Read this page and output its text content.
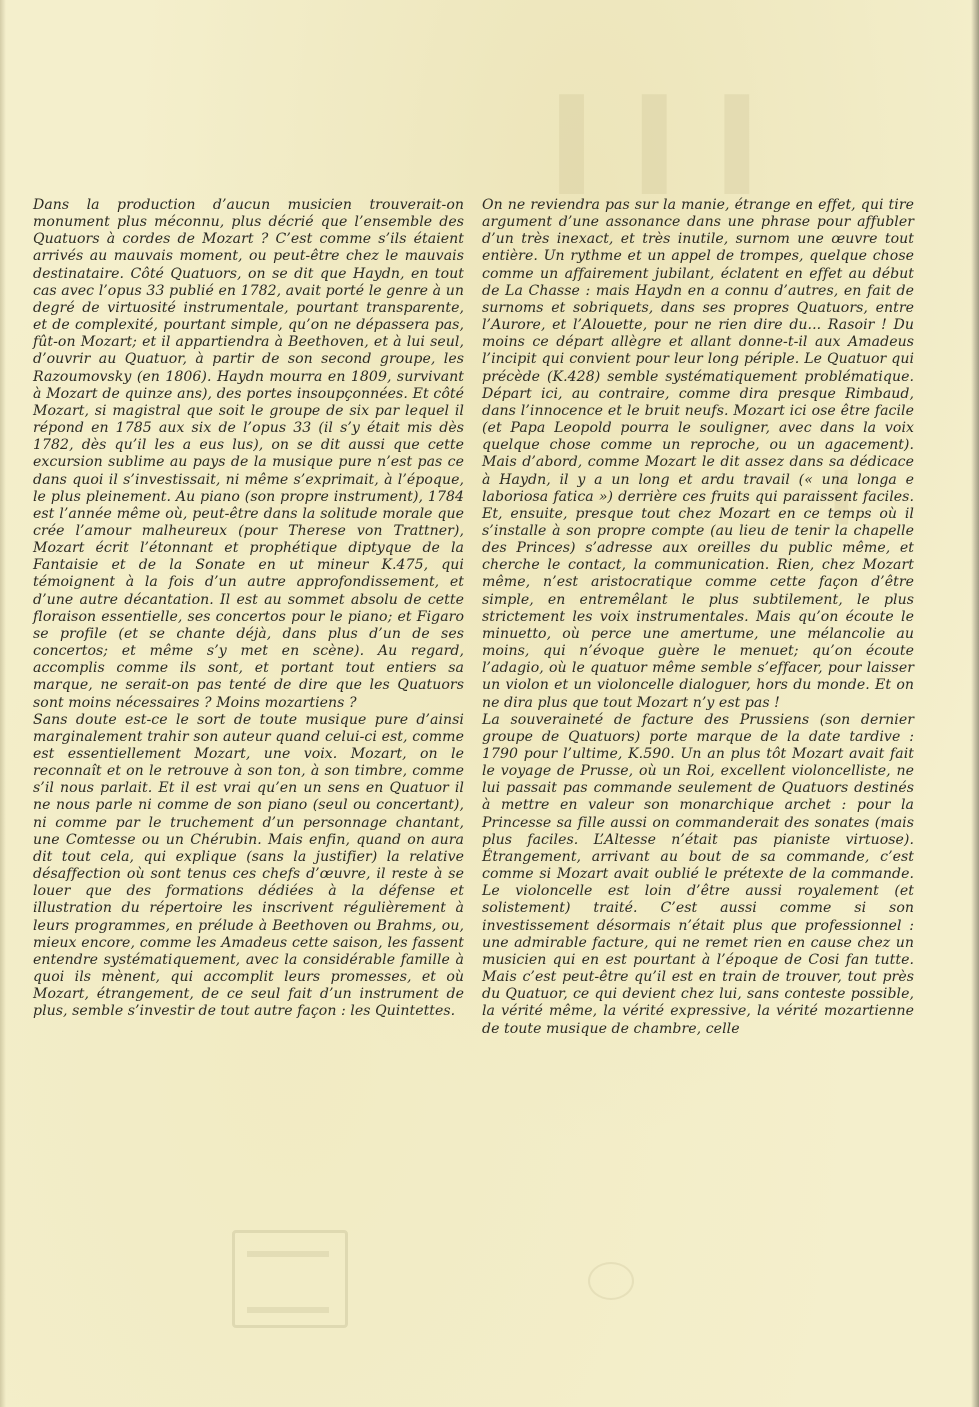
▍▍▍
▍

Dans la production d’aucun musicien trouverait-on monument plus méconnu, plus décrié que l’ensemble des Quatuors à cordes de Mozart ? C’est comme s’ils étaient arrivés au mauvais moment, ou peut-être chez le mauvais destinataire. Côté Quatuors, on se dit que Haydn, en tout cas avec l’opus 33 publié en 1782, avait porté le genre à un degré de virtuosité instrumentale, pourtant transparente, et de complexité, pourtant simple, qu’on ne dépassera pas, fût-on Mozart; et il appartiendra à Beethoven, et à lui seul, d’ouvrir au Quatuor, à partir de son second groupe, les Razoumovsky (en 1806). Haydn mourra en 1809, survivant à Mozart de quinze ans), des portes insoupçonnées. Et côté Mozart, si magistral que soit le groupe de six par lequel il répond en 1785 aux six de l’opus 33 (il s’y était mis dès 1782, dès qu’il les a eus lus), on se dit aussi que cette excursion sublime au pays de la musique pure n’est pas ce dans quoi il s’investissait, ni même s’exprimait, à l’époque, le plus pleinement. Au piano (son propre instrument), 1784 est l’année même où, peut-être dans la solitude morale que crée l’amour malheureux (pour Therese von Trattner), Mozart écrit l’étonnant et prophétique diptyque de la Fantaisie et de la Sonate en ut mineur K.475, qui témoignent à la fois d’un autre approfondissement, et d’une autre décantation. Il est au sommet absolu de cette floraison essentielle, ses concertos pour le piano; et Figaro se profile (et se chante déjà, dans plus d’un de ses concertos; et même s’y met en scène). Au regard, accomplis comme ils sont, et portant tout entiers sa marque, ne serait-on pas tenté de dire que les Quatuors sont moins nécessaires ? Moins mozartiens ?

Sans doute est-ce le sort de toute musique pure d’ainsi marginalement trahir son auteur quand celui-ci est, comme est essentiellement Mozart, une voix. Mozart, on le reconnaît et on le retrouve à son ton, à son timbre, comme s’il nous parlait. Et il est vrai qu’en un sens en Quatuor il ne nous parle ni comme de son piano (seul ou concertant), ni comme par le truchement d’un personnage chantant, une Comtesse ou un Chérubin. Mais enfin, quand on aura dit tout cela, qui explique (sans la justifier) la relative désaffection où sont tenus ces chefs d’œuvre, il reste à se louer que des formations dédiées à la défense et illustration du répertoire les inscrivent régulièrement à leurs programmes, en prélude à Beethoven ou Brahms, ou, mieux encore, comme les Amadeus cette saison, les fassent entendre systématiquement, avec la considérable famille à quoi ils mènent, qui accomplit leurs promesses, et où Mozart, étrangement, de ce seul fait d’un instrument de plus, semble s’investir de tout autre façon : les Quintettes.

On ne reviendra pas sur la manie, étrange en effet, qui tire argument d’une assonance dans une phrase pour affubler d’un très inexact, et très inutile, surnom une œuvre tout entière. Un rythme et un appel de trompes, quelque chose comme un affairement jubilant, éclatent en effet au début de La Chasse : mais Haydn en a connu d’autres, en fait de surnoms et sobriquets, dans ses propres Quatuors, entre l’Aurore, et l’Alouette, pour ne rien dire du... Rasoir ! Du moins ce départ allègre et allant donne-t-il aux Amadeus l’incipit qui convient pour leur long périple. Le Quatuor qui précède (K.428) semble systématiquement problématique. Départ ici, au contraire, comme dira presque Rimbaud, dans l’innocence et le bruit neufs. Mozart ici ose être facile (et Papa Leopold pourra le souligner, avec dans la voix quelque chose comme un reproche, ou un agacement). Mais d’abord, comme Mozart le dit assez dans sa dédicace à Haydn, il y a un long et ardu travail (« una longa e laboriosa fatica ») derrière ces fruits qui paraissent faciles. Et, ensuite, presque tout chez Mozart en ce temps où il s’installe à son propre compte (au lieu de tenir la chapelle des Princes) s’adresse aux oreilles du public même, et cherche le contact, la communication. Rien, chez Mozart même, n’est aristocratique comme cette façon d’être simple, en entremêlant le plus subtilement, le plus strictement les voix instrumentales. Mais qu’on écoute le minuetto, où perce une amertume, une mélancolie au moins, qui n’évoque guère le menuet; qu’on écoute l’adagio, où le quatuor même semble s’effacer, pour laisser un violon et un violoncelle dialoguer, hors du monde. Et on ne dira plus que tout Mozart n’y est pas !

La souveraineté de facture des Prussiens (son dernier groupe de Quatuors) porte marque de la date tardive : 1790 pour l’ultime, K.590. Un an plus tôt Mozart avait fait le voyage de Prusse, où un Roi, excellent violoncelliste, ne lui passait pas commande seulement de Quatuors destinés à mettre en valeur son monarchique archet : pour la Princesse sa fille aussi on commanderait des sonates (mais plus faciles. L’Altesse n’était pas pianiste virtuose). Étrangement, arrivant au bout de sa commande, c’est comme si Mozart avait oublié le prétexte de la commande. Le violoncelle est loin d’être aussi royalement (et solistement) traité. C’est aussi comme si son investissement désormais n’était plus que professionnel : une admirable facture, qui ne remet rien en cause chez un musicien qui en est pourtant à l’époque de Cosi fan tutte. Mais c’est peut-être qu’il est en train de trouver, tout près du Quatuor, ce qui devient chez lui, sans conteste possible, la vérité même, la vérité expressive, la vérité mozartienne de toute musique de chambre, celle
